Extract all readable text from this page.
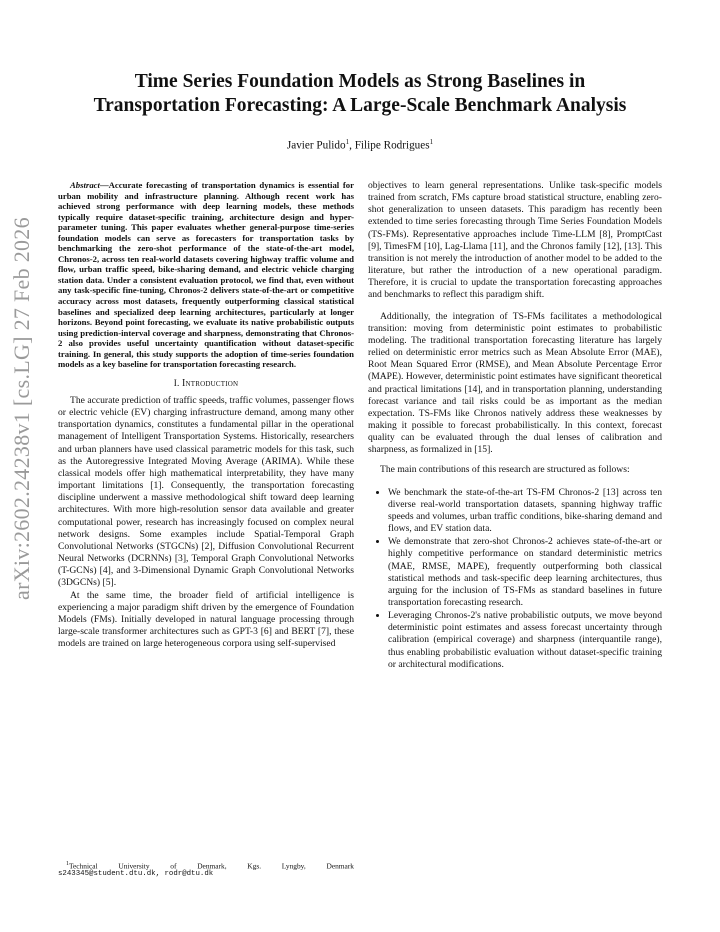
arXiv:2602.24238v1 [cs.LG] 27 Feb 2026
Time Series Foundation Models as Strong Baselines in
Transportation Forecasting: A Large-Scale Benchmark Analysis
Javier Pulido$^1$, Filipe Rodrigues$^1$

Abstract—Accurate forecasting of transportation dynamics is essential for urban mobility and infrastructure planning. Although recent work has achieved strong performance with deep learning models, these methods typically require dataset-specific training, architecture design and hyper-parameter tuning. This paper evaluates whether general-purpose time-series foundation models can serve as forecasters for transportation tasks by benchmarking the zero-shot performance of the state-of-the-art model, Chronos-2, across ten real-world datasets covering highway traffic volume and flow, urban traffic speed, bike-sharing demand, and electric vehicle charging station data. Under a consistent evaluation protocol, we find that, even without any task-specific fine-tuning, Chronos-2 delivers state-of-the-art or competitive accuracy across most datasets, frequently outperforming classical statistical baselines and specialized deep learning architectures, particularly at longer horizons. Beyond point forecasting, we evaluate its native probabilistic outputs using prediction-interval coverage and sharpness, demonstrating that Chronos-2 also provides useful uncertainty quantification without dataset-specific training. In general, this study supports the adoption of time-series foundation models as a key baseline for transportation forecasting research.

I. Introduction

The accurate prediction of traffic speeds, traffic volumes, passenger flows or electric vehicle (EV) charging infrastructure demand, among many other transportation dynamics, constitutes a fundamental pillar in the operational management of Intelligent Transportation Systems. Historically, researchers and urban planners have used classical parametric models for this task, such as the Autoregressive Integrated Moving Average (ARIMA). While these classical models offer high mathematical interpretability, they have many important limitations [1]. Consequently, the transportation forecasting discipline underwent a massive methodological shift toward deep learning architectures. With more high-resolution sensor data available and greater computational power, research has increasingly focused on complex neural network designs. Some examples include Spatial-Temporal Graph Convolutional Networks (STGCNs) [2], Diffusion Convolutional Recurrent Neural Networks (DCRNNs) [3], Temporal Graph Convolutional Networks (T-GCNs) [4], and 3-Dimensional Dynamic Graph Convolutional Networks (3DGCNs) [5].

At the same time, the broader field of artificial intelligence is experiencing a major paradigm shift driven by the emergence of Foundation Models (FMs). Initially developed in natural language processing through large-scale transformer architectures such as GPT-3 [6] and BERT [7], these models are trained on large heterogeneous corpora using self-supervised

objectives to learn general representations. Unlike task-specific models trained from scratch, FMs capture broad statistical structure, enabling zero-shot generalization to unseen datasets. This paradigm has recently been extended to time series forecasting through Time Series Foundation Models (TS-FMs). Representative approaches include Time-LLM [8], PromptCast [9], TimesFM [10], Lag-Llama [11], and the Chronos family [12], [13]. This transition is not merely the introduction of another model to be added to the literature, but rather the introduction of a new operational paradigm. Therefore, it is crucial to update the transportation forecasting approaches and benchmarks to reflect this paradigm shift.

Additionally, the integration of TS-FMs facilitates a methodological transition: moving from deterministic point estimates to probabilistic modeling. The traditional transportation forecasting literature has largely relied on deterministic error metrics such as Mean Absolute Error (MAE), Root Mean Squared Error (RMSE), and Mean Absolute Percentage Error (MAPE). However, deterministic point estimates have significant theoretical and practical limitations [14], and in transportation planning, understanding forecast variance and tail risks could be as important as the median expectation. TS-FMs like Chronos natively address these weaknesses by making it possible to forecast probabilistically. In this context, forecast quality can be evaluated through the dual lenses of calibration and sharpness, as formalized in [15].

The main contributions of this research are structured as follows:

• We benchmark the state-of-the-art TS-FM Chronos-2 [13] across ten diverse real-world transportation datasets, spanning highway traffic speeds and volumes, urban traffic conditions, bike-sharing demand and flows, and EV station data.
• We demonstrate that zero-shot Chronos-2 achieves state-of-the-art or highly competitive performance on standard deterministic metrics (MAE, RMSE, MAPE), frequently outperforming both classical statistical methods and task-specific deep learning architectures, thus arguing for the inclusion of TS-FMs as standard baselines in future transportation forecasting research.
• Leveraging Chronos-2's native probabilistic outputs, we move beyond deterministic point estimates and assess forecast uncertainty through calibration (empirical coverage) and sharpness (interquantile range), thus enabling probabilistic evaluation without dataset-specific training or architectural modifications.
$^1$Technical University of Denmark, Kgs. Lyngby, Denmark
s243345@student.dtu.dk, rodr@dtu.dk
